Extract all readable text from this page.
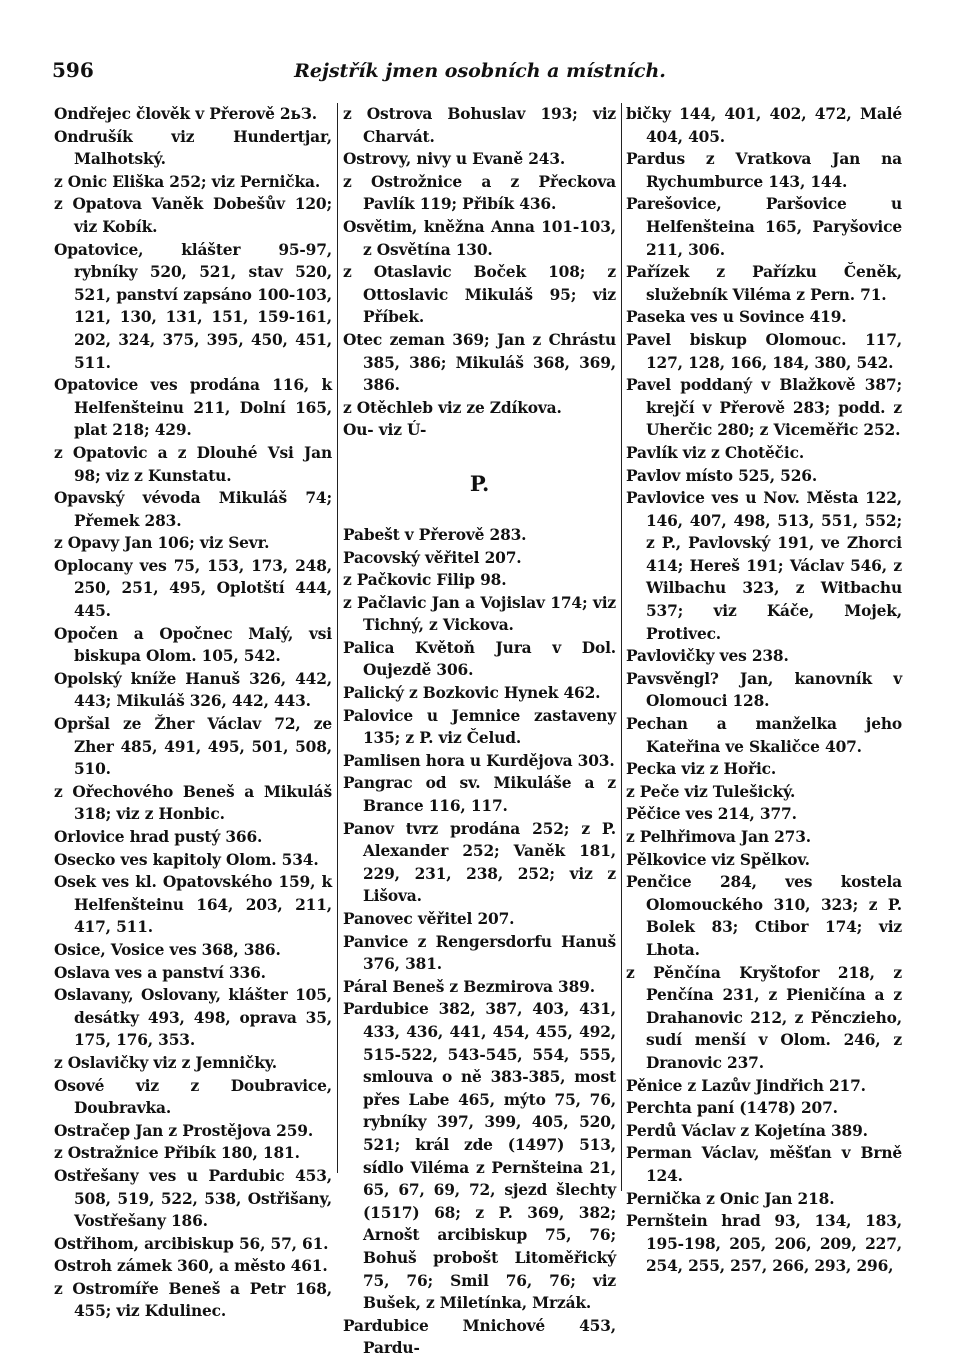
596	Rejstřík jmen osobních a místních.

Ondřejec člověk v Přerově 2ьЗ.

Ondrušík viz Hundertjar, Malhotský.

z Onic Eliška 252; viz Pernička.

z Opatova Vaněk Dobešův 120; viz Kobík.

Opatovice, klášter 95-97, rybníky 520, 521, stav 520, 521, panství zapsáno 100-103, 121, 130, 131, 151, 159-161, 202, 324, 375, 395, 450, 451, 511.

Opatovice ves prodána 116, k Helfenšteinu 211, Dolní 165, plat 218; 429.

z Opatovic a z Dlouhé Vsi Jan 98; viz z Kunstatu.

Opavský vévoda Mikuláš 74; Přemek 283.

z Opavy Jan 106; viz Sevr.

Oplocany ves 75, 153, 173, 248, 250, 251, 495, Oplotští 444, 445.

Opočen a Opočnec Malý, vsi biskupa Olom. 105, 542.

Opolský kníže Hanuš 326, 442, 443; Mikuláš 326, 442, 443.

Opršal ze Žher Václav 72, ze Zher 485, 491, 495, 501, 508, 510.

z Ořechového Beneš a Mikuláš 318; viz z Honbic.

Orlovice hrad pustý 366.

Osecko ves kapitoly Olom. 534.

Osek ves kl. Opatovského 159, k Helfenšteinu 164, 203, 211, 417, 511.

Osice, Vosice ves 368, 386.

Oslava ves a panství 336.

Oslavany, Oslovany, klášter 105, desátky 493, 498, oprava 35, 175, 176, 353.

z Oslavičky viz z Jemničky.

Osové viz z Doubravice, Doubravka.

Ostračep Jan z Prostějova 259.

z Ostražnice Přibík 180, 181.

Ostřešany ves u Pardubic 453, 508, 519, 522, 538, Ostřišany, Vostřešany 186.

Ostřihom, arcibiskup 56, 57, 61.

Ostroh zámek 360, a město 461.

z Ostromíře Beneš a Petr 168, 455; viz Kdulinec.

z Ostrova Bohuslav 193; viz Charvát.

Ostrovy, nivy u Evaně 243.

z Ostrožnice a z Přeckova Pavlík 119; Přibík 436.

Osvětim, kněžna Anna 101-103, z Osvětína 130.

z Otaslavic Boček 108; z Ottoslavic Mikuláš 95; viz Příbek.

Otec zeman 369; Jan z Chrástu 385, 386; Mikuláš 368, 369, 386.

z Otěchleb viz ze Zdíkova.

Ou- viz Ú-

P.

Pabešt v Přerově 283.

Pacovský věřitel 207.

z Pačkovic Filip 98.

z Pačlavic Jan a Vojislav 174; viz Tichný, z Vickova.

Palica Květoň Jura v Dol. Oujezdě 306.

Palický z Bozkovic Hynek 462.

Palovice u Jemnice zastaveny 135; z P. viz Čelud.

Pamlisen hora u Kurdějova 303.

Pangrac od sv. Mikuláše a z Brance 116, 117.

Panov tvrz prodána 252; z P. Alexander 252; Vaněk 181, 229, 231, 238, 252; viz z Lišova.

Panovec věřitel 207.

Panvice z Rengersdorfu Hanuš 376, 381.

Páral Beneš z Bezmirova 389.

Pardubice 382, 387, 403, 431, 433, 436, 441, 454, 455, 492, 515-522, 543-545, 554, 555, smlouva o ně 383-385, most přes Labe 465, mýto 75, 76, rybníky 397, 399, 405, 520, 521; král zde (1497) 513, sídlo Viléma z Pernšteina 21, 65, 67, 69, 72, sjezd šlechty (1517) 68; z P. 369, 382; Arnošt arcibiskup 75, 76; Bohuš probošt Litoměřický 75, 76; Smil 76, 76; viz Bušek, z Miletínka, Mrzák.

Pardubice Mnichové 453, Pardu-

bičky 144, 401, 402, 472, Malé 404, 405.

Pardus z Vratkova Jan na Rychumburce 143, 144.

Parešovice, Paršovice u Helfenšteina 165, Paryšovice 211, 306.

Pařízek z Pařízku Čeněk, služebník Viléma z Pern. 71.

Paseka ves u Sovince 419.

Pavel biskup Olomouc. 117, 127, 128, 166, 184, 380, 542.

Pavel poddaný v Blažkově 387; krejčí v Přerově 283; podd. z Uherčic 280; z Viceměřic 252.

Pavlík viz z Chotěčic.

Pavlov místo 525, 526.

Pavlovice ves u Nov. Města 122, 146, 407, 498, 513, 551, 552; z P., Pavlovský 191, ve Zhorci 414; Hereš 191; Václav 546, z Wilbachu 323, z Witbachu 537; viz Káče, Mojek, Protivec.

Pavlovičky ves 238.

Pavsvěngl? Jan, kanovník v Olomouci 128.

Pechan a manželka jeho Kateřina ve Skaličce 407.

Pecka viz z Hořic.

z Peče viz Tulešický.

Pěčice ves 214, 377.

z Pelhřimova Jan 273.

Pělkovice viz Spělkov.

Penčice 284, ves kostela Olomouckého 310, 323; z P. Bolek 83; Ctibor 174; viz Lhota.

z Pěnčína Kryštofor 218, z Penčína 231, z Pieničína a z Drahanovic 212, z Pěnczieho, sudí menší v Olom. 246, z Dranovic 237.

Pěnice z Lazův Jindřich 217.

Perchta paní (1478) 207.

Perdů Václav z Kojetína 389.

Perman Václav, měšťan v Brně 124.

Pernička z Onic Jan 218.

Pernštein hrad 93, 134, 183, 195-198, 205, 206, 209, 227, 254, 255, 257, 266, 293, 296,
